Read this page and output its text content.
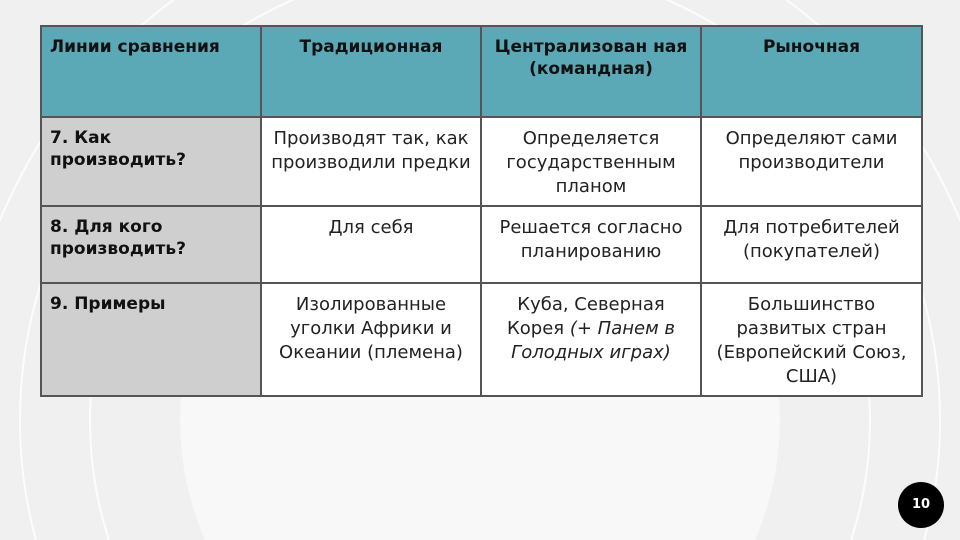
Линии сравнения	Традиционная	Централизован ная (командная)	Рыночная
7. Как производить?	Производят так, как производили предки	Определяется государственным планом	Определяют сами производители
8. Для кого производить?	Для себя	Решается согласно планированию	Для потребителей (покупателей)
9. Примеры	Изолированные уголки Африки и Океании (племена)	Куба, Северная Корея (+ Панем в Голодных играх)	Большинство развитых стран (Европейский Союз, США)
10
